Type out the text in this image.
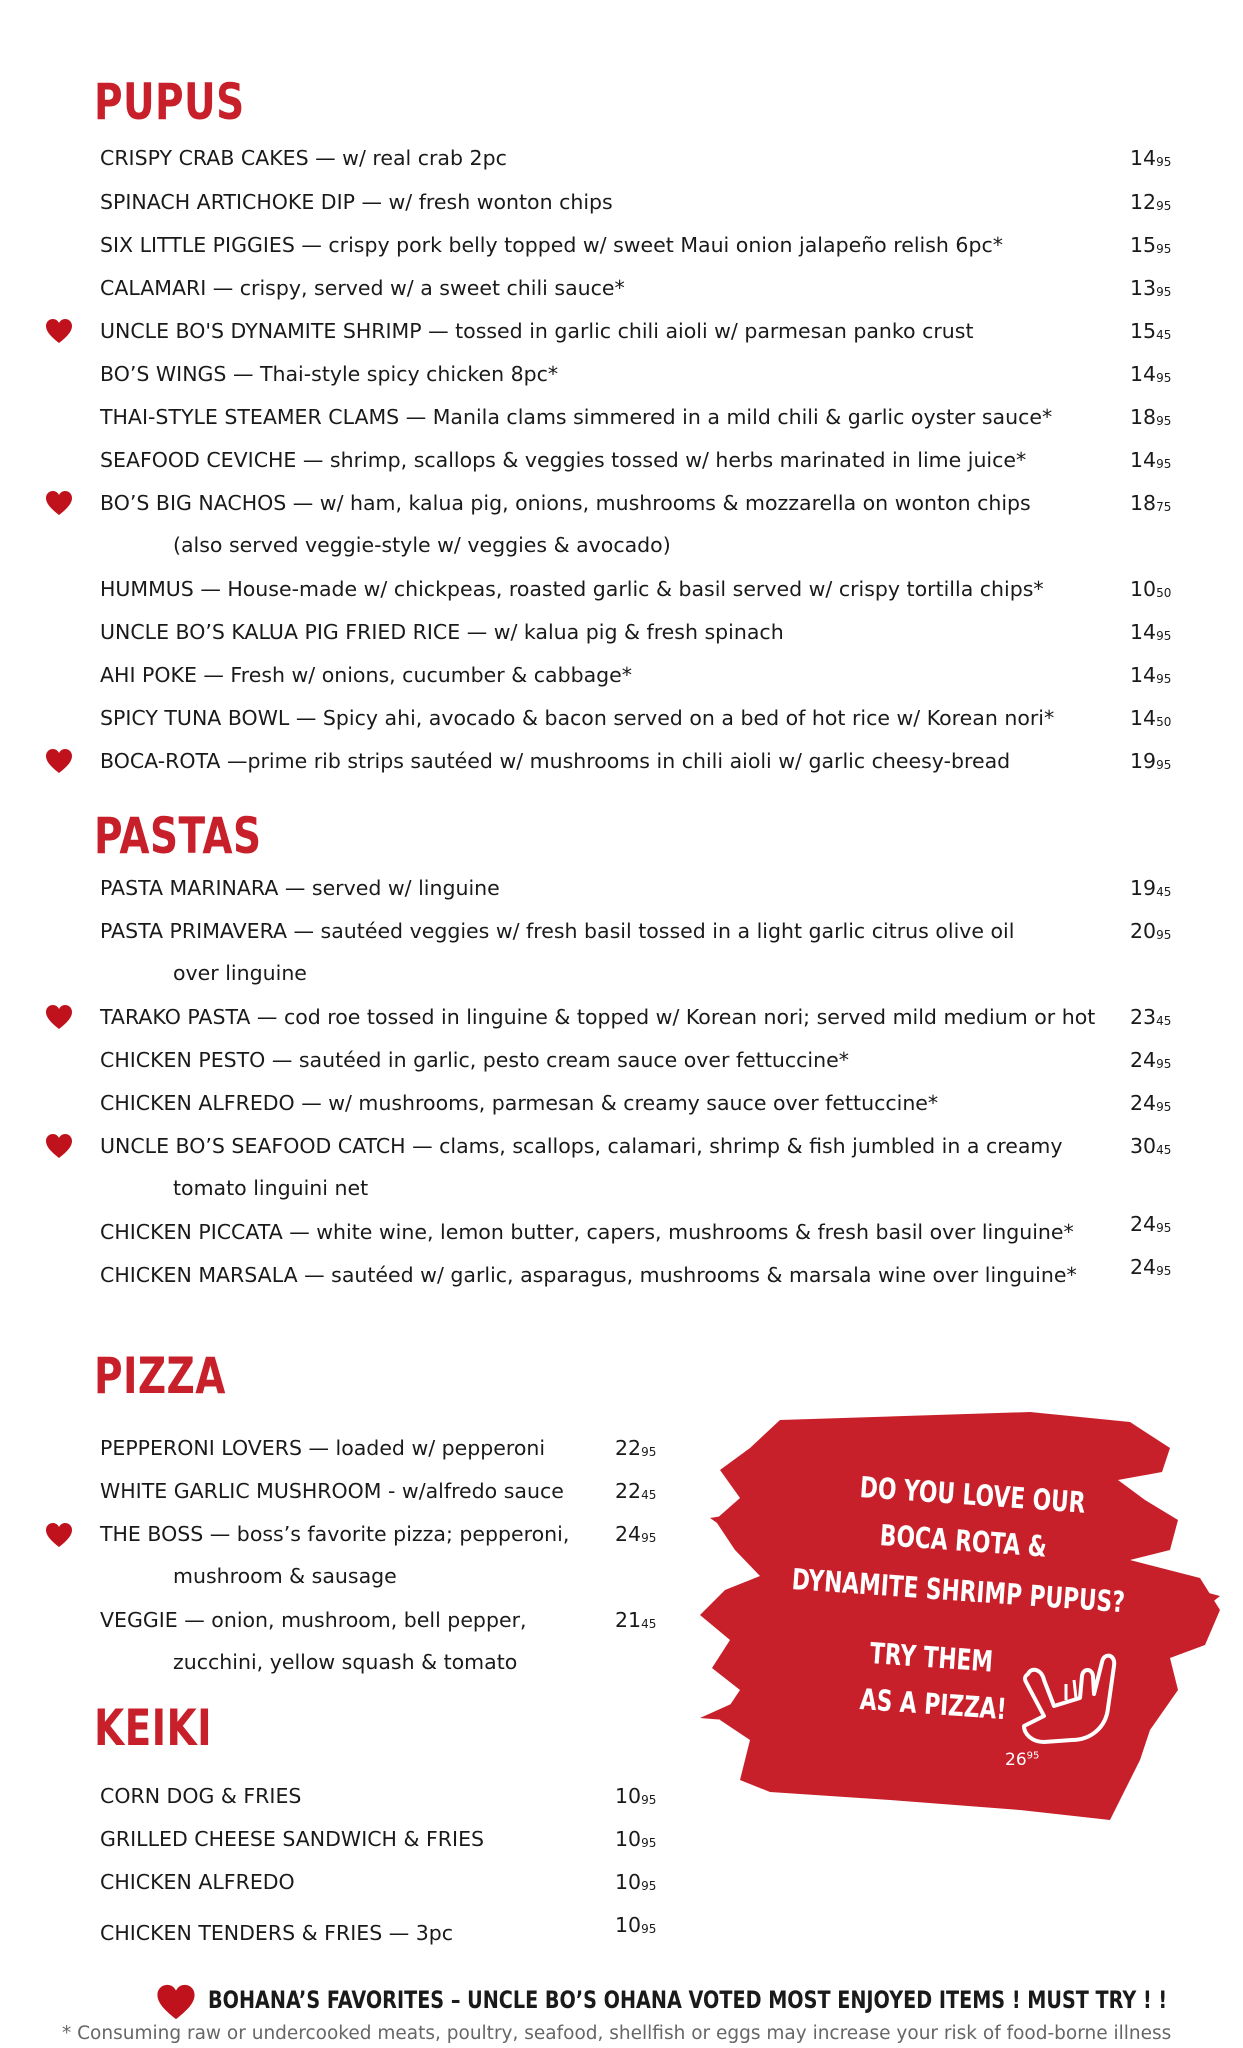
PUPUS
CRISPY CRAB CAKES — w/ real crab 2pc	$14^{95}$
SPINACH ARTICHOKE DIP — w/ fresh wonton chips	$12^{95}$
SIX LITTLE PIGGIES — crispy pork belly topped w/ sweet Maui onion jalapeño relish 6pc*	$15^{95}$
CALAMARI — crispy, served w/ a sweet chili sauce*	$13^{95}$
UNCLE BO'S DYNAMITE SHRIMP — tossed in garlic chili aioli w/ parmesan panko crust	$15^{45}$
BO’S WINGS — Thai-style spicy chicken 8pc*	$14^{95}$
THAI-STYLE STEAMER CLAMS — Manila clams simmered in a mild chili & garlic oyster sauce*	$18^{95}$
SEAFOOD CEVICHE — shrimp, scallops & veggies tossed w/ herbs marinated in lime juice*	$14^{95}$
BO’S BIG NACHOS — w/ ham, kalua pig, onions, mushrooms & mozzarella on wonton chips
(also served veggie-style w/ veggies & avocado)
$18^{75}$
HUMMUS — House-made w/ chickpeas, roasted garlic & basil served w/ crispy tortilla chips*	$10^{50}$
UNCLE BO’S KALUA PIG FRIED RICE — w/ kalua pig & fresh spinach	$14^{95}$
AHI POKE — Fresh w/ onions, cucumber & cabbage*	$14^{95}$
SPICY TUNA BOWL — Spicy ahi, avocado & bacon served on a bed of hot rice w/ Korean nori*	$14^{50}$
BOCA-ROTA —prime rib strips sautéed w/ mushrooms in chili aioli w/ garlic cheesy-bread	$19^{95}$
PASTAS
PASTA MARINARA — served w/ linguine	$19^{45}$
PASTA PRIMAVERA — sautéed veggies w/ fresh basil tossed in a light garlic citrus olive oil
over linguine
$20^{95}$
TARAKO PASTA — cod roe tossed in linguine & topped w/ Korean nori; served mild medium or hot $23^{45}$
CHICKEN PESTO — sautéed in garlic, pesto cream sauce over fettuccine*	$24^{95}$
CHICKEN ALFREDO — w/ mushrooms, parmesan & creamy sauce over fettuccine*	$24^{95}$
UNCLE BO’S SEAFOOD CATCH — clams, scallops, calamari, shrimp & fish jumbled in a creamy
tomato linguini net
$30^{45}$
CHICKEN PICCATA — white wine, lemon butter, capers, mushrooms & fresh basil over linguine*	$24^{95}$
CHICKEN MARSALA — sautéed w/ garlic, asparagus, mushrooms & marsala wine over linguine*	$24^{95}$
PIZZA
PEPPERONI LOVERS — loaded w/ pepperoni	$22^{95}$
WHITE GARLIC MUSHROOM - w/alfredo sauce $22^{45}$
THE BOSS — boss’s favorite pizza; pepperoni,
mushroom & sausage
$24^{95}$
VEGGIE — onion, mushroom, bell pepper,
zucchini, yellow squash & tomato
$21^{45}$
KEIKI
CORN DOG & FRIES	$10^{95}$
GRILLED CHEESE SANDWICH & FRIES	$10^{95}$
CHICKEN ALFREDO	$10^{95}$
CHICKEN TENDERS & FRIES — 3pc	$10^{95}$
DO YOU LOVE OUR
BOCA ROTA &
DYNAMITE SHRIMP PUPUS?
TRY THEM
AS A PIZZA!
$26^{95}$
BOHANA’S FAVORITES – UNCLE BO’S OHANA VOTED MOST ENJOYED ITEMS ! MUST TRY ! !
* Consuming raw or undercooked meats, poultry, seafood, shellfish or eggs may increase your risk of food-borne illness
